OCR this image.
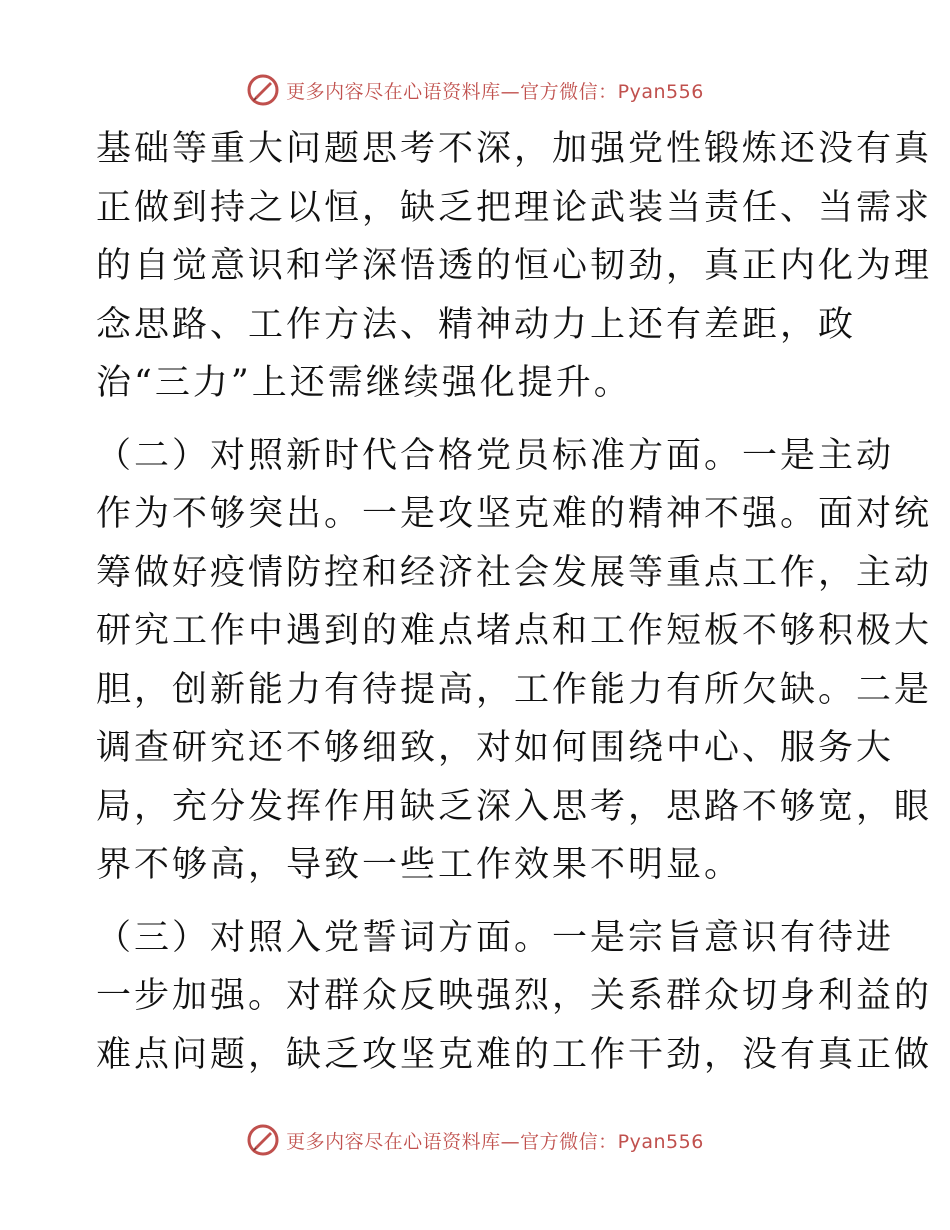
更多内容尽在心语资料库—官方微信：Pyan556
基础等重大问题思考不深，加强党性锻炼还没有真
正做到持之以恒，缺乏把理论武装当责任、当需求
的自觉意识和学深悟透的恒心韧劲，真正内化为理
念思路、工作方法、精神动力上还有差距，政
治“三力”上还需继续强化提升。
（二）对照新时代合格党员标准方面。一是主动
作为不够突出。一是攻坚克难的精神不强。面对统
筹做好疫情防控和经济社会发展等重点工作，主动
研究工作中遇到的难点堵点和工作短板不够积极大
胆，创新能力有待提高，工作能力有所欠缺。二是
调查研究还不够细致，对如何围绕中心、服务大
局，充分发挥作用缺乏深入思考，思路不够宽，眼
界不够高，导致一些工作效果不明显。
（三）对照入党誓词方面。一是宗旨意识有待进
一步加强。对群众反映强烈，关系群众切身利益的
难点问题，缺乏攻坚克难的工作干劲，没有真正做
更多内容尽在心语资料库—官方微信：Pyan556
